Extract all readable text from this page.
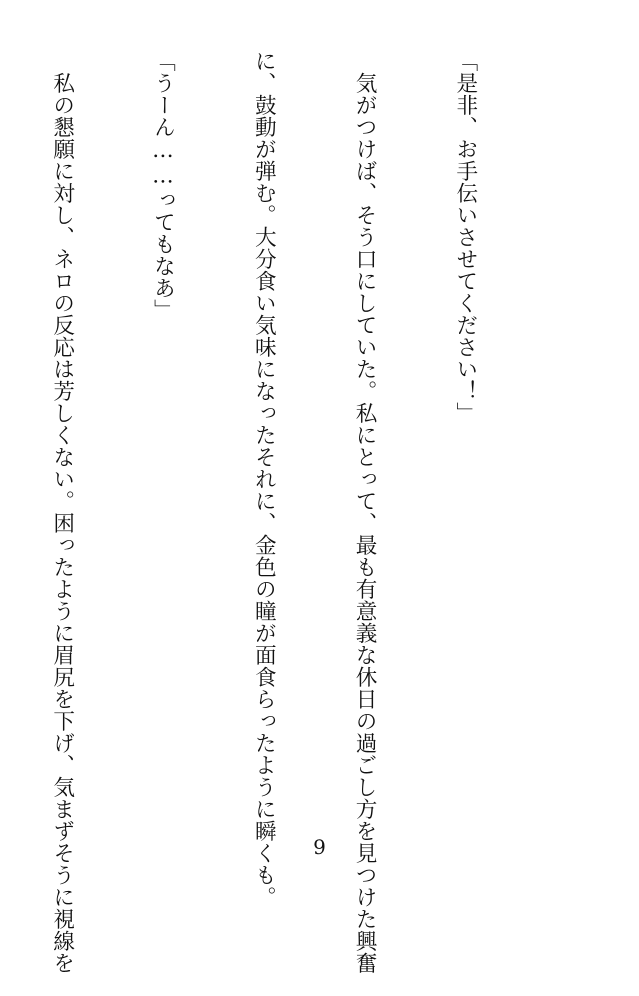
「是非、お手伝いさせてください！」

　気がつけば、そう口にしていた。私にとって、最も有意義な休日の過ごし方を見つけた興奮

に、鼓動が弾む。大分食い気味になったそれに、金色の瞳が面食らったように瞬くも。

「うーん……ってもなあ」

　私の懇願に対し、ネロの反応は芳しくない。困ったように眉尻を下げ、気まずそうに視線を

	9
